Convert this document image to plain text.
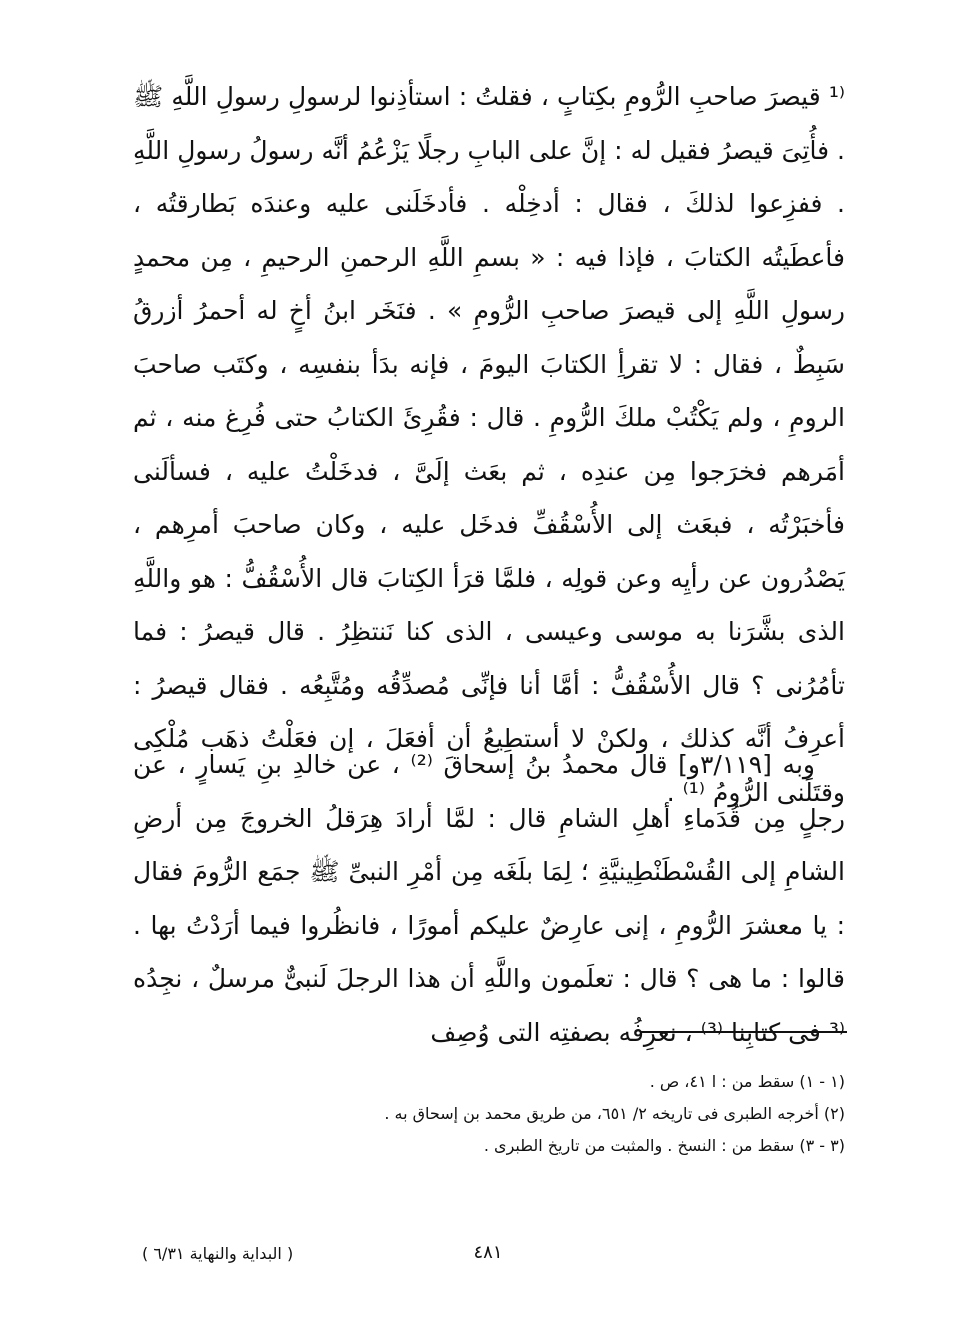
⁽¹ قيصرَ صاحبِ الرُّومِ بكِتابٍ ، فقلتُ : استأذِنوا لرسولِ رسولِ اللَّهِ ﷺ . فأُتِىَ قيصرُ فقيل له : إنَّ على البابِ رجلًا يَزْعُمُ أنَّه رسولُ رسولِ اللَّهِ . ففزِعوا لذلكَ ، فقال : أدخِلْه . فأدخَلَنى عليه وعندَه بَطارقتُه ، فأعطَيتُه الكتابَ ، فإذا فيه : « بسمِ اللَّهِ الرحمنِ الرحيمِ ، مِن محمدٍ رسولِ اللَّهِ إلى قيصرَ صاحبِ الرُّومِ » . فنَخَر ابنُ أخٍ له أحمرُ أزرقُ سَبِطٌ ، فقال : لا تقرأِ الكتابَ اليومَ ، فإنه بدَأ بنفسِه ، وكتَب صاحبَ الرومِ ، ولم يَكْتُبْ ملكَ الرُّومِ . قال : فقُرِئَ الكتابُ حتى فُرِغ منه ، ثم أمَرهم فخرَجوا مِن عندِه ، ثم بعَث إلَىَّ ، فدخَلْتُ عليه ، فسألَنى فأخبَرْتُه ، فبعَث إلى الأُسْقُفِّ فدخَل عليه ، وكان صاحبَ أمرِهم ، يَصْدُرون عن رأيِه وعن قولِه ، فلمَّا قرَأ الكِتابَ قال الأُسْقُفُّ : هو واللَّهِ الذى بشَّرَنا به موسى وعيسى ، الذى كنا نَنتظِرُ . قال قيصرُ : فما تأمُرُنى ؟ قال الأُسْقُفُّ : أمَّا أنا فإنِّى مُصدِّقُه ومُتَّبِعُه . فقال قيصرُ : أعرِفُ أنَّه كذلك ، ولكنْ لا أستطِيعُ أن أفعَلَ ، إن فعَلْتُ ذهَب مُلْكِى وقتَلَنى الرُّومُ ⁽¹⁾ .

وبه [٣/١١٩و] قال محمدُ بنُ إسحاقَ ⁽²⁾ ، عن خالدِ بنِ يَسارٍ ، عن رجلٍ مِن قُدَماءِ أهلِ الشامِ قال : لمَّا أرادَ هِرَقلُ الخروجَ مِن أرضِ الشامِ إلى القُسْطَنْطِينيَّةِ ؛ لِمَا بلَغَه مِن أمْرِ النبىِّ ﷺ جمَع الرُّومَ فقال : يا معشرَ الرُّومِ ، إنى عارِضٌ عليكم أمورًا ، فانظُروا فيما أرَدْتُ بها . قالوا : ما هى ؟ قال : تعلَمون واللَّهِ أن هذا الرجلَ لَنبىٌّ مرسلٌ ، نجِدُه ⁽³ فى كتابِنا ⁽³⁾ ، نعرِفُه بصفتِه التى وُصِف

(١ - ١) سقط من : ا ٤١، ص .
(٢) أخرجه الطبرى فى تاريخه ٢/ ٦٥١، من طريق محمد بن إسحاق به .
(٣ - ٣) سقط من : النسخ . والمثبت من تاريخ الطبرى .
٤٨١
( البداية والنهاية ٦/٣١ )
